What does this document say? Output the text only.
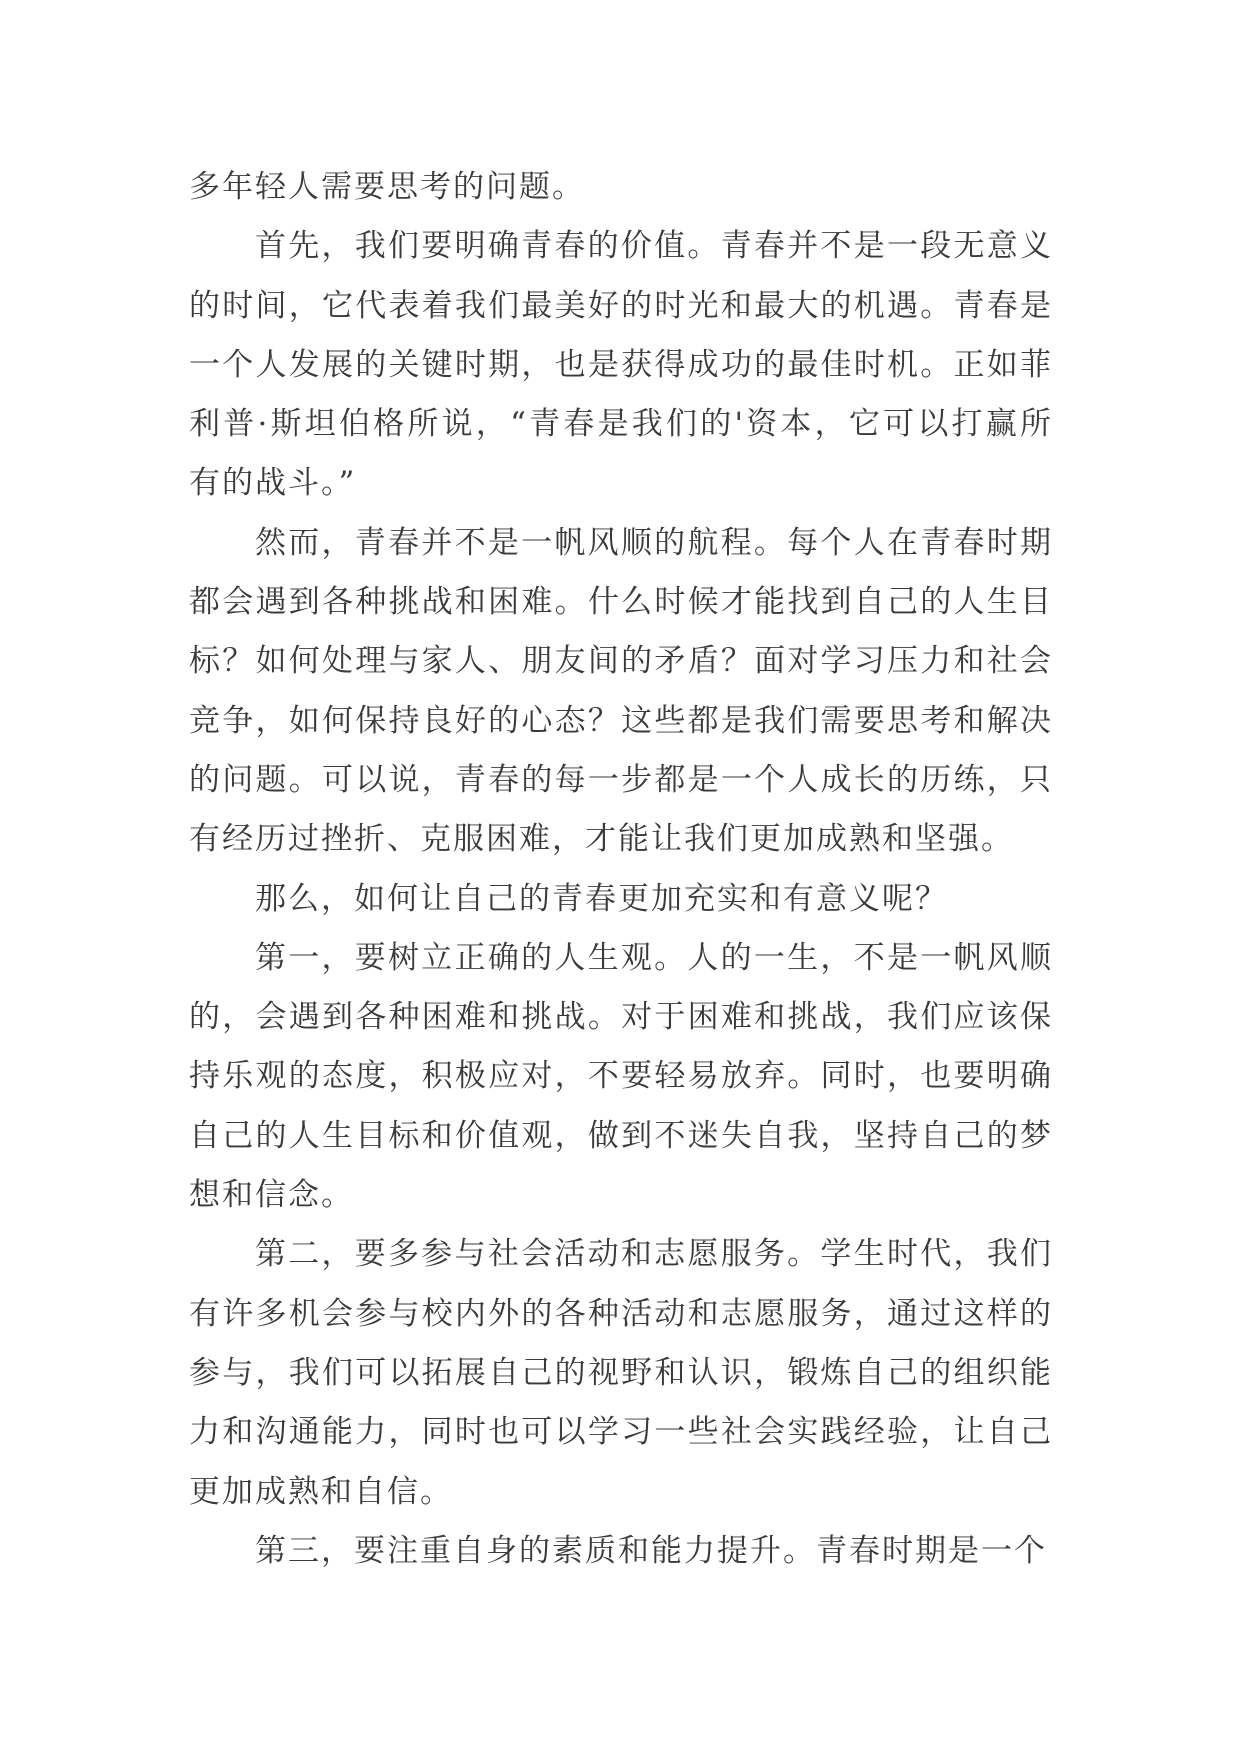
多年轻人需要思考的问题。

首先，我们要明确青春的价值。青春并不是一段无意义的时间，它代表着我们最美好的时光和最大的机遇。青春是一个人发展的关键时期，也是获得成功的最佳时机。正如菲利普·斯坦伯格所说，“青春是我们的'资本，它可以打赢所有的战斗。”

然而，青春并不是一帆风顺的航程。每个人在青春时期都会遇到各种挑战和困难。什么时候才能找到自己的人生目标？如何处理与家人、朋友间的矛盾？面对学习压力和社会竞争，如何保持良好的心态？这些都是我们需要思考和解决的问题。可以说，青春的每一步都是一个人成长的历练，只有经历过挫折、克服困难，才能让我们更加成熟和坚强。

那么，如何让自己的青春更加充实和有意义呢？

第一，要树立正确的人生观。人的一生，不是一帆风顺的，会遇到各种困难和挑战。对于困难和挑战，我们应该保持乐观的态度，积极应对，不要轻易放弃。同时，也要明确自己的人生目标和价值观，做到不迷失自我，坚持自己的梦想和信念。

第二，要多参与社会活动和志愿服务。学生时代，我们有许多机会参与校内外的各种活动和志愿服务，通过这样的参与，我们可以拓展自己的视野和认识，锻炼自己的组织能力和沟通能力，同时也可以学习一些社会实践经验，让自己更加成熟和自信。

第三，要注重自身的素质和能力提升。青春时期是一个
